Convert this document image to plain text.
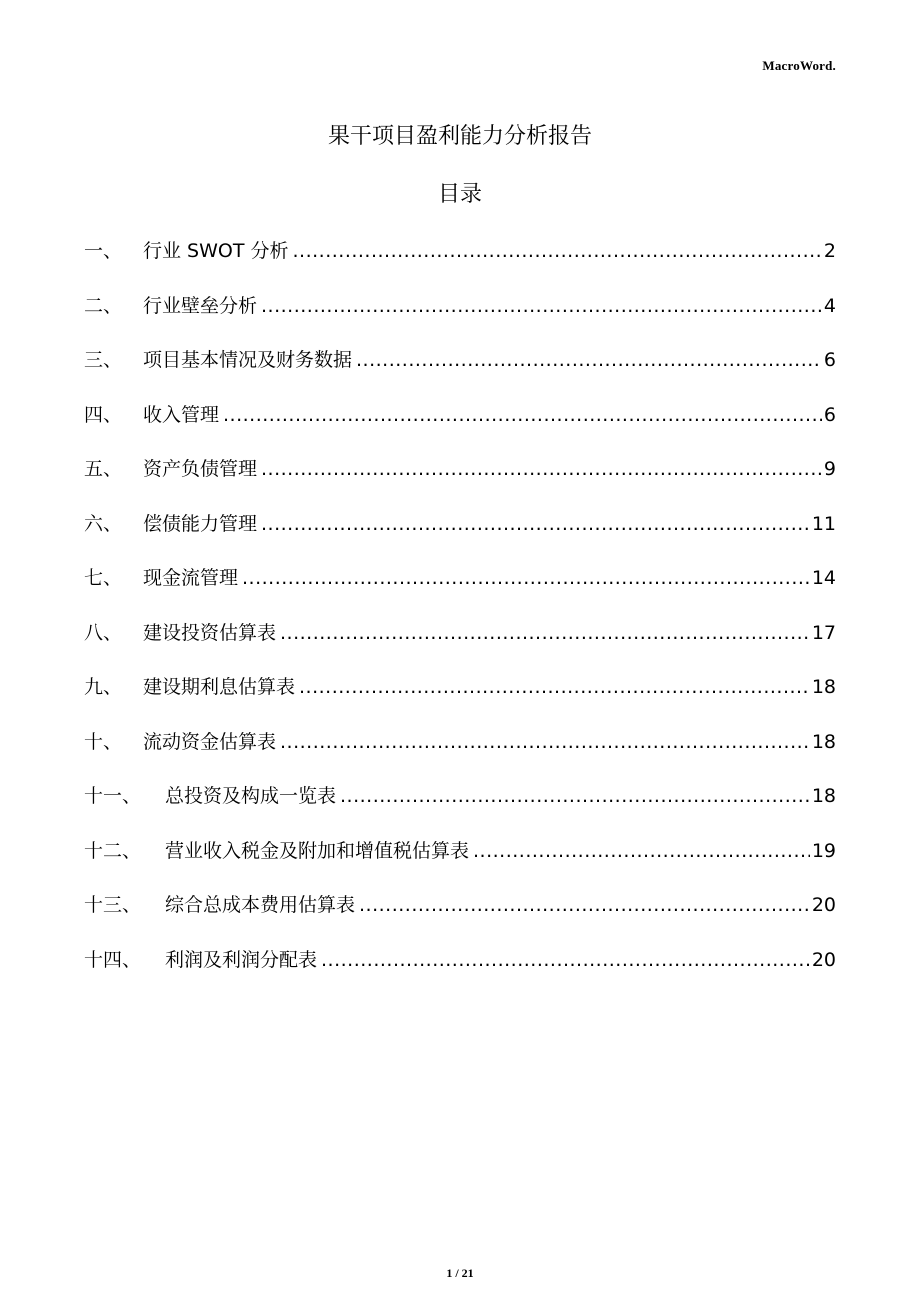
MacroWord.
果干项目盈利能力分析报告
目录
一、	行业 SWOT 分析 .....	2
二、	行业壁垒分析 .....	4
三、	项目基本情况及财务数据 .....	6
四、	收入管理 .....	6
五、	资产负债管理 .....	9
六、	偿债能力管理 .....	11
七、	现金流管理 .....	14
八、	建设投资估算表 .....	17
九、	建设期利息估算表 .....	18
十、	流动资金估算表 .....	18
十一、	总投资及构成一览表 .....	18
十二、	营业收入税金及附加和增值税估算表 .....	19
十三、	综合总成本费用估算表 .....	20
十四、	利润及利润分配表 .....	20
1 / 21
